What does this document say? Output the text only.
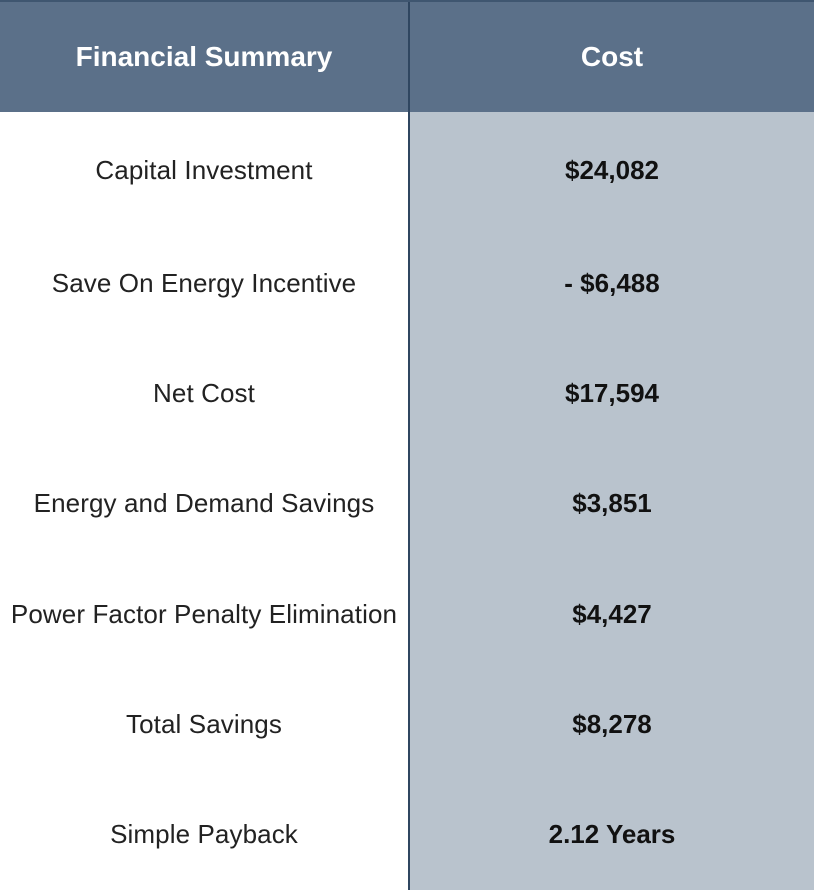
Financial Summary	Cost
Capital Investment
Save On Energy Incentive
Net Cost
Energy and Demand Savings
Power Factor Penalty Elimination
Total Savings
Simple Payback
$24,082
- $6,488
$17,594
$3,851
$4,427
$8,278
2.12 Years
